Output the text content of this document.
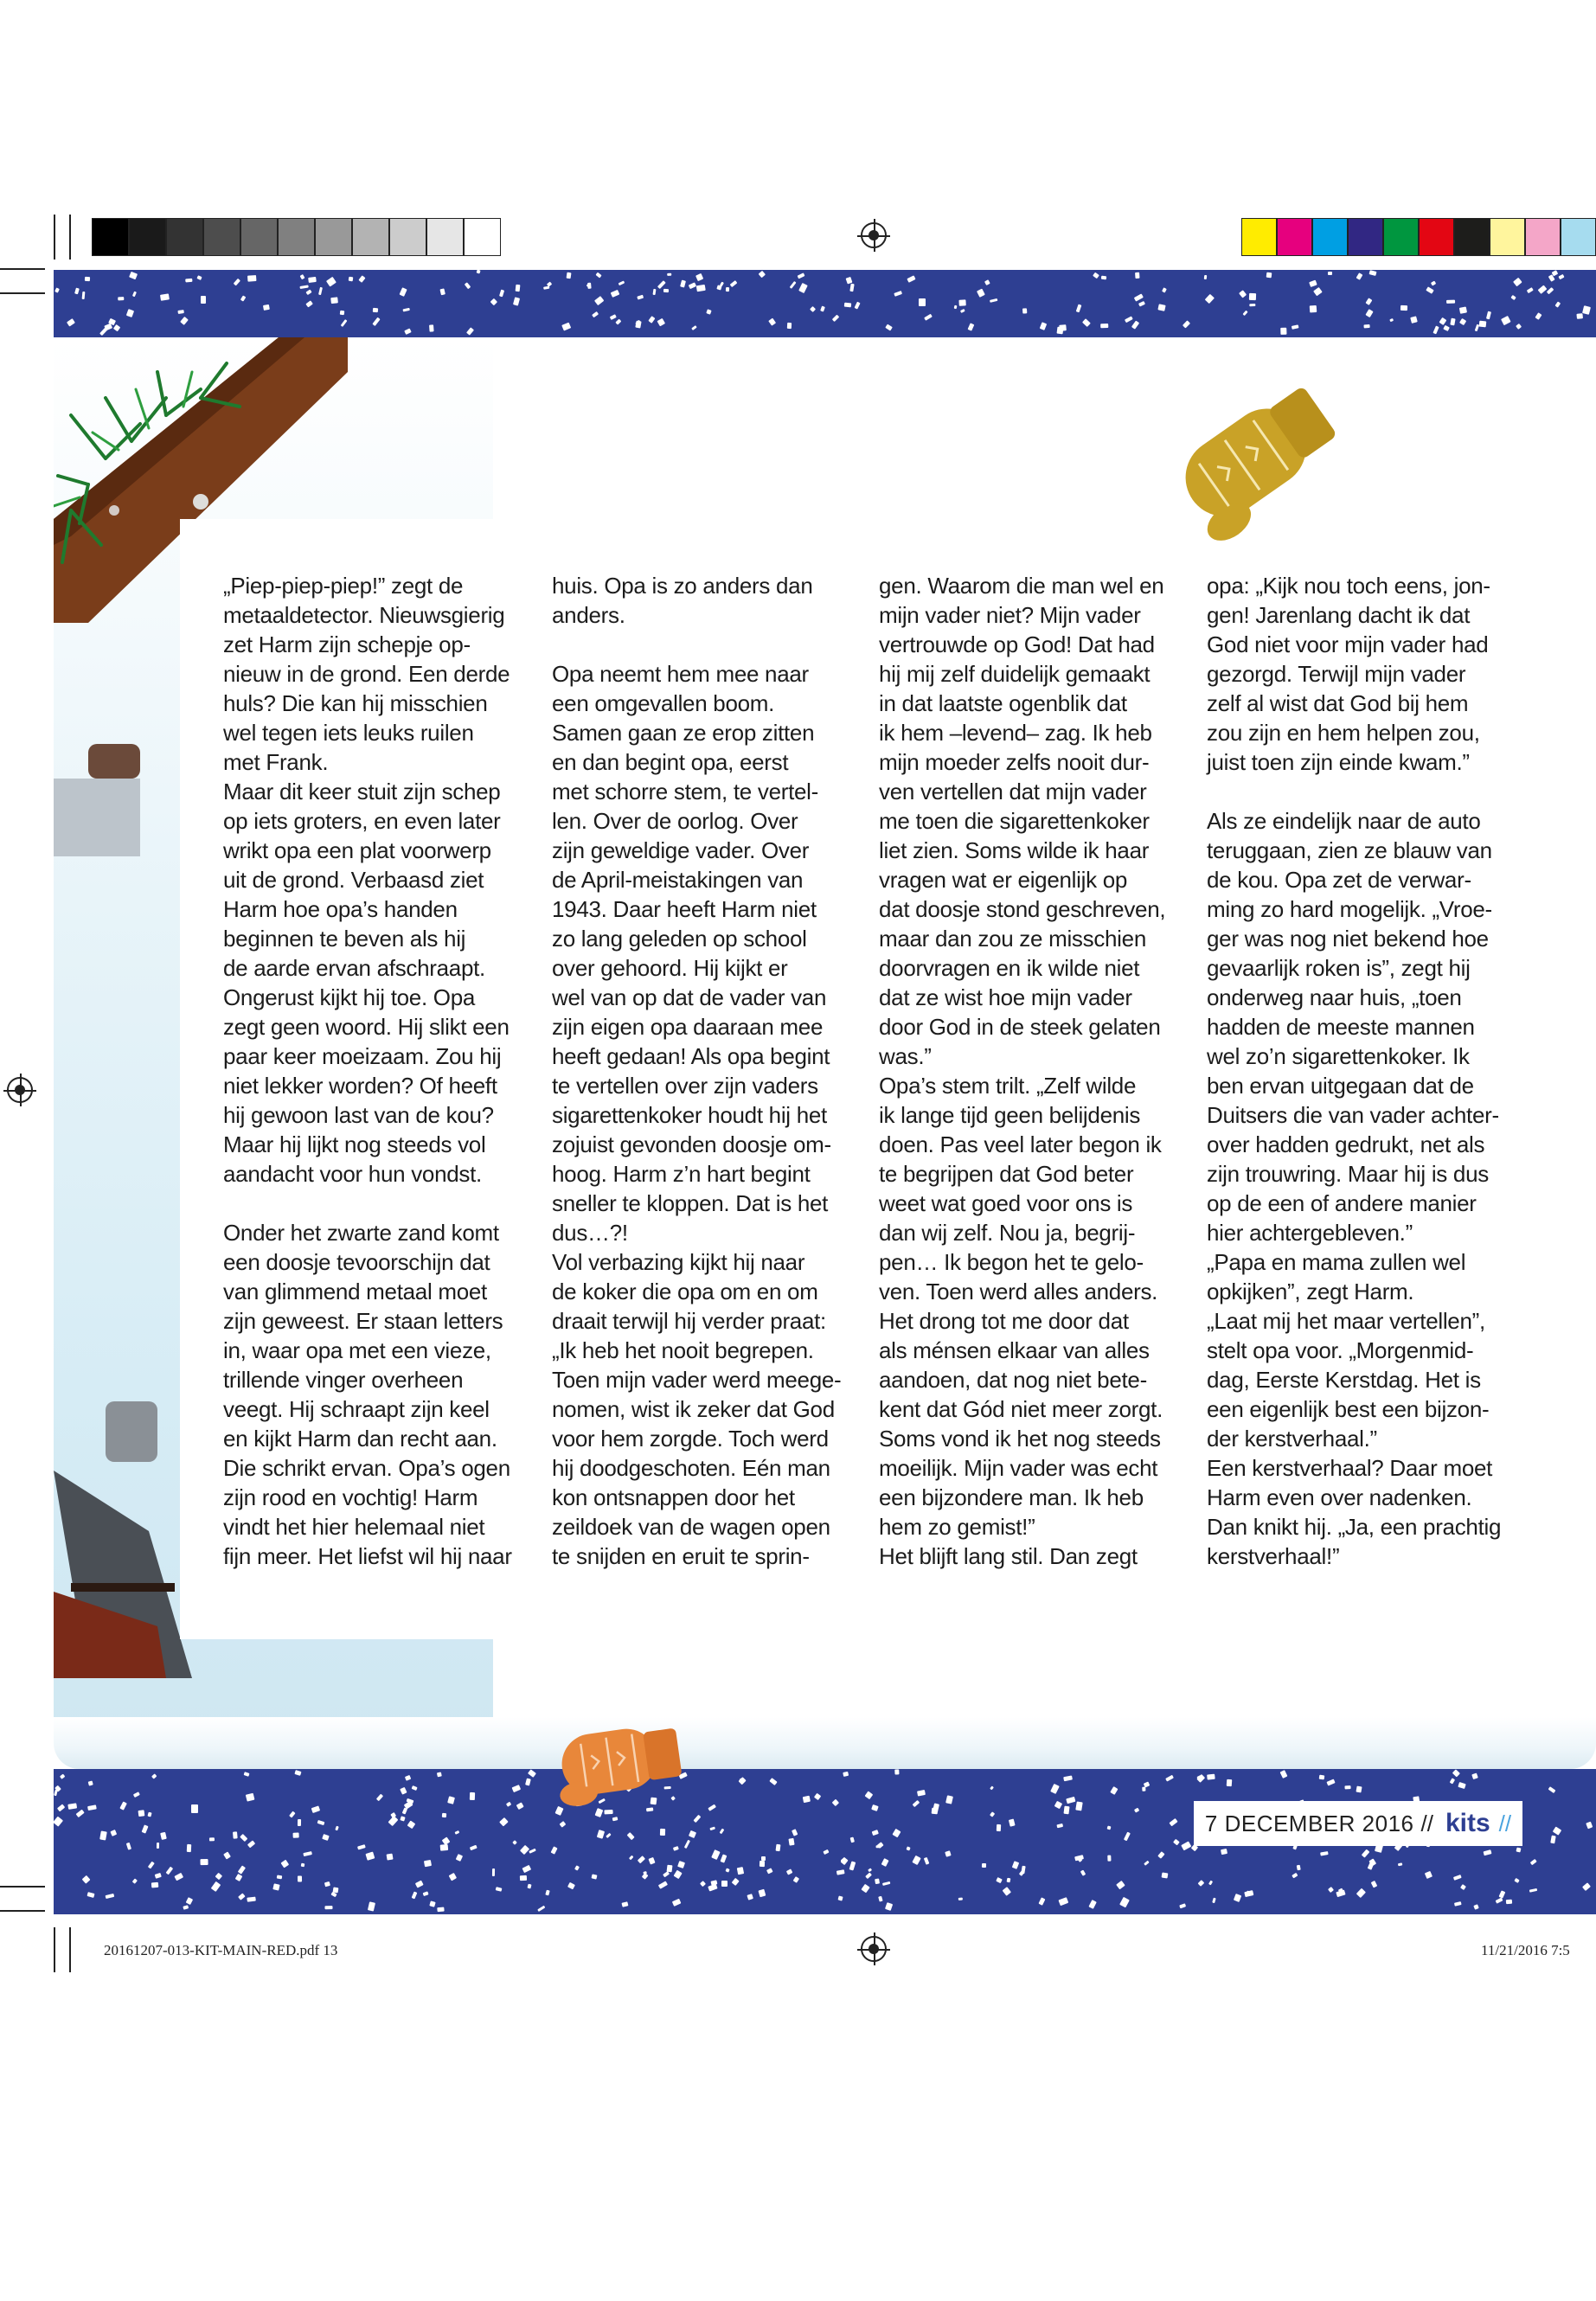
„Piep-piep-piep!” zegt de
metaaldetector. Nieuwsgierig
zet Harm zijn schepje op-
nieuw in de grond. Een derde
huls? Die kan hij misschien
wel tegen iets leuks ruilen
met Frank.

Maar dit keer stuit zijn schep
op iets groters, en even later
wrikt opa een plat voorwerp
uit de grond. Verbaasd ziet
Harm hoe opa’s handen
beginnen te beven als hij
de aarde ervan afschraapt.
Ongerust kijkt hij toe. Opa
zegt geen woord. Hij slikt een
paar keer moeizaam. Zou hij
niet lekker worden? Of heeft
hij gewoon last van de kou?
Maar hij lijkt nog steeds vol
aandacht voor hun vondst.

Onder het zwarte zand komt
een doosje tevoorschijn dat
van glimmend metaal moet
zijn geweest. Er staan letters
in, waar opa met een vieze,
trillende vinger overheen
veegt. Hij schraapt zijn keel
en kijkt Harm dan recht aan.
Die schrikt ervan. Opa’s ogen
zijn rood en vochtig! Harm
vindt het hier helemaal niet
fijn meer. Het liefst wil hij naar

huis. Opa is zo anders dan
anders.

Opa neemt hem mee naar
een omgevallen boom.
Samen gaan ze erop zitten
en dan begint opa, eerst
met schorre stem, te vertel-
len. Over de oorlog. Over
zijn geweldige vader. Over
de April-meistakingen van
1943. Daar heeft Harm niet
zo lang geleden op school
over gehoord. Hij kijkt er
wel van op dat de vader van
zijn eigen opa daaraan mee
heeft gedaan! Als opa begint
te vertellen over zijn vaders
sigarettenkoker houdt hij het
zojuist gevonden doosje om-
hoog. Harm z’n hart begint
sneller te kloppen. Dat is het
dus…?!

Vol verbazing kijkt hij naar
de koker die opa om en om
draait terwijl hij verder praat:
„Ik heb het nooit begrepen.
Toen mijn vader werd meege-
nomen, wist ik zeker dat God
voor hem zorgde. Toch werd
hij doodgeschoten. Eén man
kon ontsnappen door het
zeildoek van de wagen open
te snijden en eruit te sprin-

gen. Waarom die man wel en
mijn vader niet? Mijn vader
vertrouwde op God! Dat had
hij mij zelf duidelijk gemaakt
in dat laatste ogenblik dat
ik hem –levend– zag. Ik heb
mijn moeder zelfs nooit dur-
ven vertellen dat mijn vader
me toen die sigarettenkoker
liet zien. Soms wilde ik haar
vragen wat er eigenlijk op
dat doosje stond geschreven,
maar dan zou ze misschien
doorvragen en ik wilde niet
dat ze wist hoe mijn vader
door God in de steek gelaten
was.”

Opa’s stem trilt. „Zelf wilde
ik lange tijd geen belijdenis
doen. Pas veel later begon ik
te begrijpen dat God beter
weet wat goed voor ons is
dan wij zelf. Nou ja, begrij-
pen… Ik begon het te gelo-
ven. Toen werd alles anders.
Het drong tot me door dat
als ménsen elkaar van alles
aandoen, dat nog niet bete-
kent dat Gód niet meer zorgt.
Soms vond ik het nog steeds
moeilijk. Mijn vader was echt
een bijzondere man. Ik heb
hem zo gemist!”

Het blijft lang stil. Dan zegt

opa: „Kijk nou toch eens, jon-
gen! Jarenlang dacht ik dat
God niet voor mijn vader had
gezorgd. Terwijl mijn vader
zelf al wist dat God bij hem
zou zijn en hem helpen zou,
juist toen zijn einde kwam.”

Als ze eindelijk naar de auto
teruggaan, zien ze blauw van
de kou. Opa zet de verwar-
ming zo hard mogelijk. „Vroe-
ger was nog niet bekend hoe
gevaarlijk roken is”, zegt hij
onderweg naar huis, „toen
hadden de meeste mannen
wel zo’n sigarettenkoker. Ik
ben ervan uitgegaan dat de
Duitsers die van vader achter-
over hadden gedrukt, net als
zijn trouwring. Maar hij is dus
op de een of andere manier
hier achtergebleven.”

„Papa en mama zullen wel
opkijken”, zegt Harm.

„Laat mij het maar vertellen”,
stelt opa voor. „Morgenmid-
dag, Eerste Kerstdag. Het is
een eigenlijk best een bijzon-
der kerstverhaal.”

Een kerstverhaal? Daar moet
Harm even over nadenken.
Dan knikt hij. „Ja, een prachtig
kerstverhaal!”

7 DECEMBER 2016 // kits //
20161207-013-KIT-MAIN-RED.pdf 13	11/21/2016 7:5
